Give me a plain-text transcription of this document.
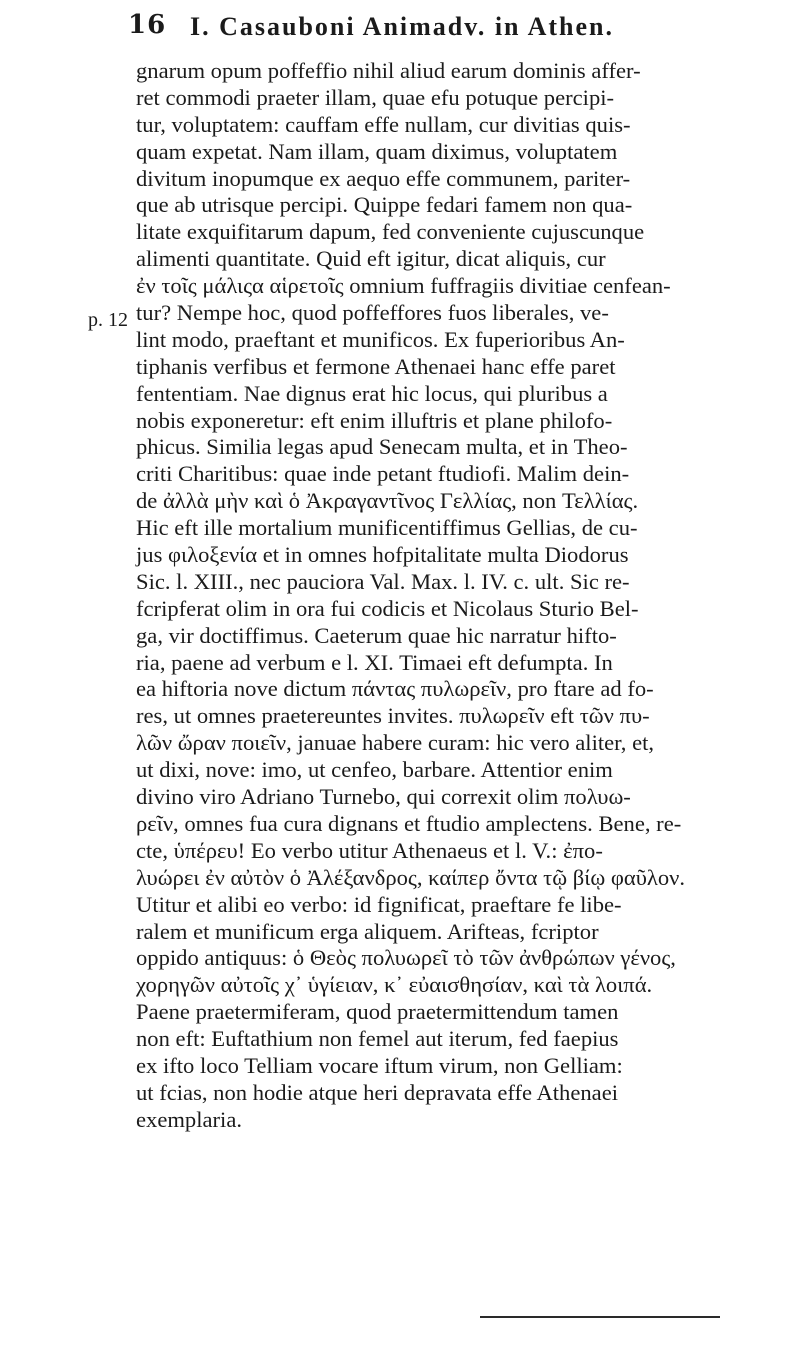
16 I. Casauboni Animadv. in Athen.
p. 12
gnarum opum poffeffio nihil aliud earum dominis affer-
ret commodi praeter illam, quae efu potuque percipi-
tur, voluptatem: cauffam effe nullam, cur divitias quis-
quam expetat. Nam illam, quam diximus, voluptatem
divitum inopumque ex aequo effe communem, pariter-
que ab utrisque percipi. Quippe fedari famem non qua-
litate exquifitarum dapum, fed conveniente cujuscunque
alimenti quantitate. Quid eft igitur, dicat aliquis, cur
ἐν τοῖς μάλιςα αἱρετοῖς omnium fuffragiis divitiae cenfean-
tur? Nempe hoc, quod poffeffores fuos liberales, ve-
lint modo, praeftant et munificos. Ex fuperioribus An-
tiphanis verfibus et fermone Athenaei hanc effe paret
fententiam. Nae dignus erat hic locus, qui pluribus a
nobis exponeretur: eft enim illuftris et plane philofo-
phicus. Similia legas apud Senecam multa, et in Theo-
criti Charitibus: quae inde petant ftudiofi. Malim dein-
de ἀλλὰ μὴν καὶ ὁ Ἀκραγαντῖνος Γελλίας, non Τελλίας.
Hic eft ille mortalium munificentiffimus Gellias, de cu-
jus φιλοξενία et in omnes hofpitalitate multa Diodorus
Sic. l. XIII., nec pauciora Val. Max. l. IV. c. ult. Sic re-
fcripferat olim in ora fui codicis et Nicolaus Sturio Bel-
ga, vir doctiffimus. Caeterum quae hic narratur hifto-
ria, paene ad verbum e l. XI. Timaei eft defumpta. In
ea hiftoria nove dictum πάντας πυλωρεῖν, pro ftare ad fo-
res, ut omnes praetereuntes invites. πυλωρεῖν eft τῶν πυ-
λῶν ὤραν ποιεῖν, januae habere curam: hic vero aliter, et,
ut dixi, nove: imo, ut cenfeo, barbare. Attentior enim
divino viro Adriano Turnebo, qui correxit olim πολυω-
ρεῖν, omnes fua cura dignans et ftudio amplectens. Bene, re-
cte, ὑπέρευ! Eo verbo utitur Athenaeus et l. V.: ἐπο-
λυώρει ἐν αὐτὸν ὁ Ἀλέξανδρος, καίπερ ὄντα τῷ βίῳ φαῦλον.
Utitur et alibi eo verbo: id fignificat, praeftare fe libe-
ralem et munificum erga aliquem. Arifteas, fcriptor
oppido antiquus: ὁ Θεὸς πολυωρεῖ τὸ τῶν ἀνθρώπων γένος,
χορηγῶν αὐτοῖς χ᾽ ὑγίειαν, κ᾽ εὐαισθησίαν, καὶ τὰ λοιπά.
Paene praetermiferam, quod praetermittendum tamen
non eft: Euftathium non femel aut iterum, fed faepius
ex ifto loco Telliam vocare iftum virum, non Gelliam:
ut fcias, non hodie atque heri depravata effe Athenaei
exemplaria.
